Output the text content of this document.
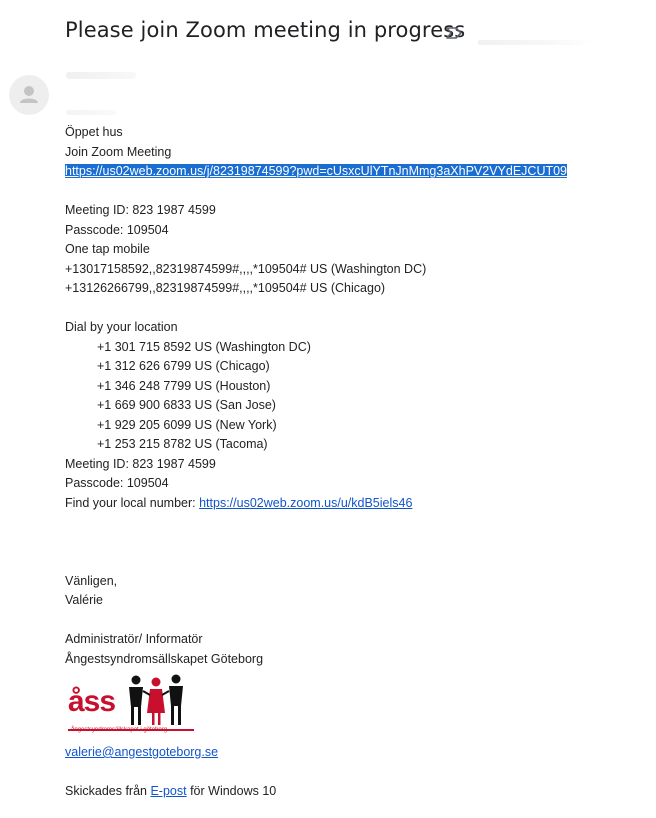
Please join Zoom meeting in progress
Öppet hus
Join Zoom Meeting
https://us02web.zoom.us/j/82319874599?pwd=cUsxcUlYTnJnMmg3aXhPV2VYdEJCUT09
Meeting ID: 823 1987 4599
Passcode: 109504
One tap mobile
+13017158592,,82319874599#,,,,*109504# US (Washington DC)
+13126266799,,82319874599#,,,,*109504# US (Chicago)
Dial by your location
+1 301 715 8592 US (Washington DC)
+1 312 626 6799 US (Chicago)
+1 346 248 7799 US (Houston)
+1 669 900 6833 US (San Jose)
+1 929 205 6099 US (New York)
+1 253 215 8782 US (Tacoma)
Meeting ID: 823 1987 4599
Passcode: 109504
Find your local number: https://us02web.zoom.us/u/kdB5iels46
Vänligen,
Valérie
Administratör/ Informatör
Ångestsyndromsällskapet Göteborg
åss
ångestsyndromsällskapet i göteborg
valerie@angestgoteborg.se
Skickades från E-post för Windows 10
